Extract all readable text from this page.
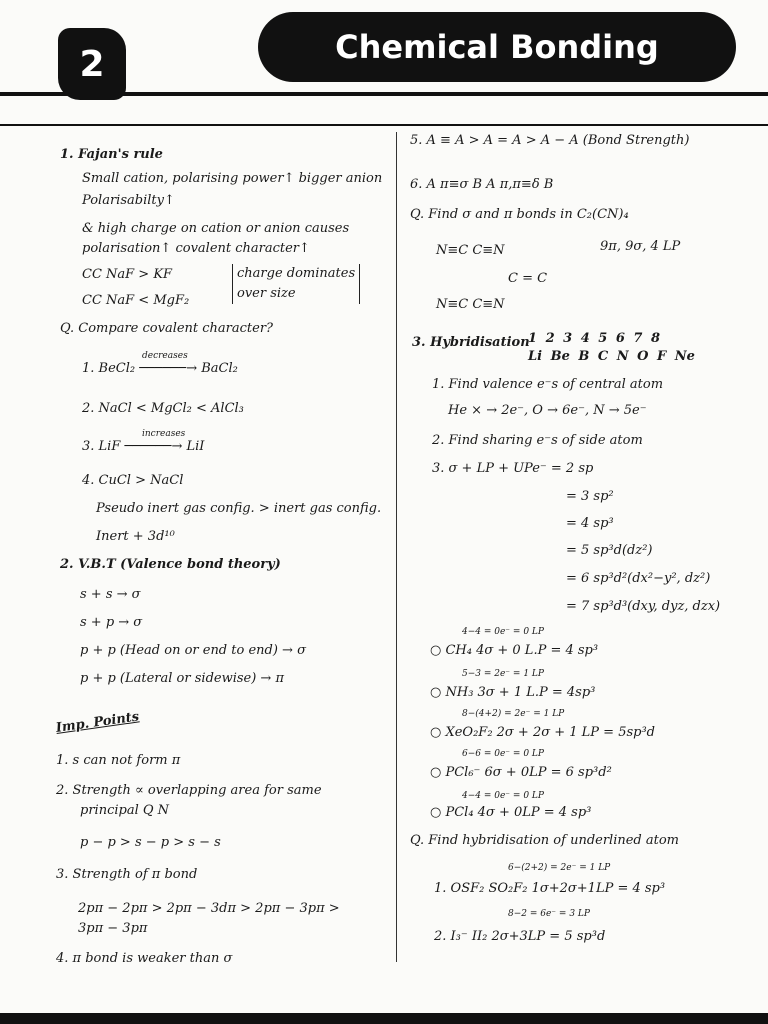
2	Chemical Bonding
1. Fajan's rule
Small cation, polarising power↑ bigger anion
Polarisabilty↑
& high charge on cation or anion causes
polarisation↑ covalent character↑
CC NaF > KF
CC NaF < MgF₂
charge dominates
over size
Q. Compare covalent character?
decreases
1. BeCl₂ ──────→ BaCl₂
2. NaCl < MgCl₂ < AlCl₃
increases
3. LiF ──────→ LiI
4. CuCl > NaCl
Pseudo inert gas config. > inert gas config.
Inert + 3d¹⁰
2. V.B.T (Valence bond theory)
s + s → σ
s + p → σ
p + p (Head on or end to end) → σ
p + p (Lateral or sidewise) → π
Imp. Points
1. s can not form π
2. Strength ∝ overlapping area for same
principal Q N
p − p > s − p > s − s
3. Strength of π bond
2pπ − 2pπ > 2pπ − 3dπ > 2pπ − 3pπ >
3pπ − 3pπ
4. π bond is weaker than σ
5. A ≡ A > A = A > A − A (Bond Strength)
6. A π≡σ B A π,π≡δ B
Q. Find σ and π bonds in C₂(CN)₄
N≡C C≡N	9π, 9σ, 4 LP
C = C
N≡C C≡N
3. Hybridisation
1 2 3 4 5 6 7 8
Li Be B C N O F Ne
1. Find valence e⁻s of central atom
He × → 2e⁻, O → 6e⁻, N → 5e⁻
2. Find sharing e⁻s of side atom
3. σ + LP + UPe⁻ = 2 sp
= 3 sp²
= 4 sp³
= 5 sp³d(dz²)
= 6 sp³d²(dx²−y², dz²)
= 7 sp³d³(dxy, dyz, dzx)
4−4 = 0e⁻ = 0 LP
○ CH₄ 4σ + 0 L.P = 4 sp³
5−3 = 2e⁻ = 1 LP
○ NH₃ 3σ + 1 L.P = 4sp³
8−(4+2) = 2e⁻ = 1 LP
○ XeO₂F₂ 2σ + 2σ + 1 LP = 5sp³d
6−6 = 0e⁻ = 0 LP
○ PCl₆⁻ 6σ + 0LP = 6 sp³d²
4−4 = 0e⁻ = 0 LP
○ PCl₄ 4σ + 0LP = 4 sp³
Q. Find hybridisation of underlined atom
6−(2+2) = 2e⁻ = 1 LP
1. OSF₂ SO₂F₂ 1σ+2σ+1LP = 4 sp³
8−2 = 6e⁻ = 3 LP
2. I₃⁻ II₂ 2σ+3LP = 5 sp³d
